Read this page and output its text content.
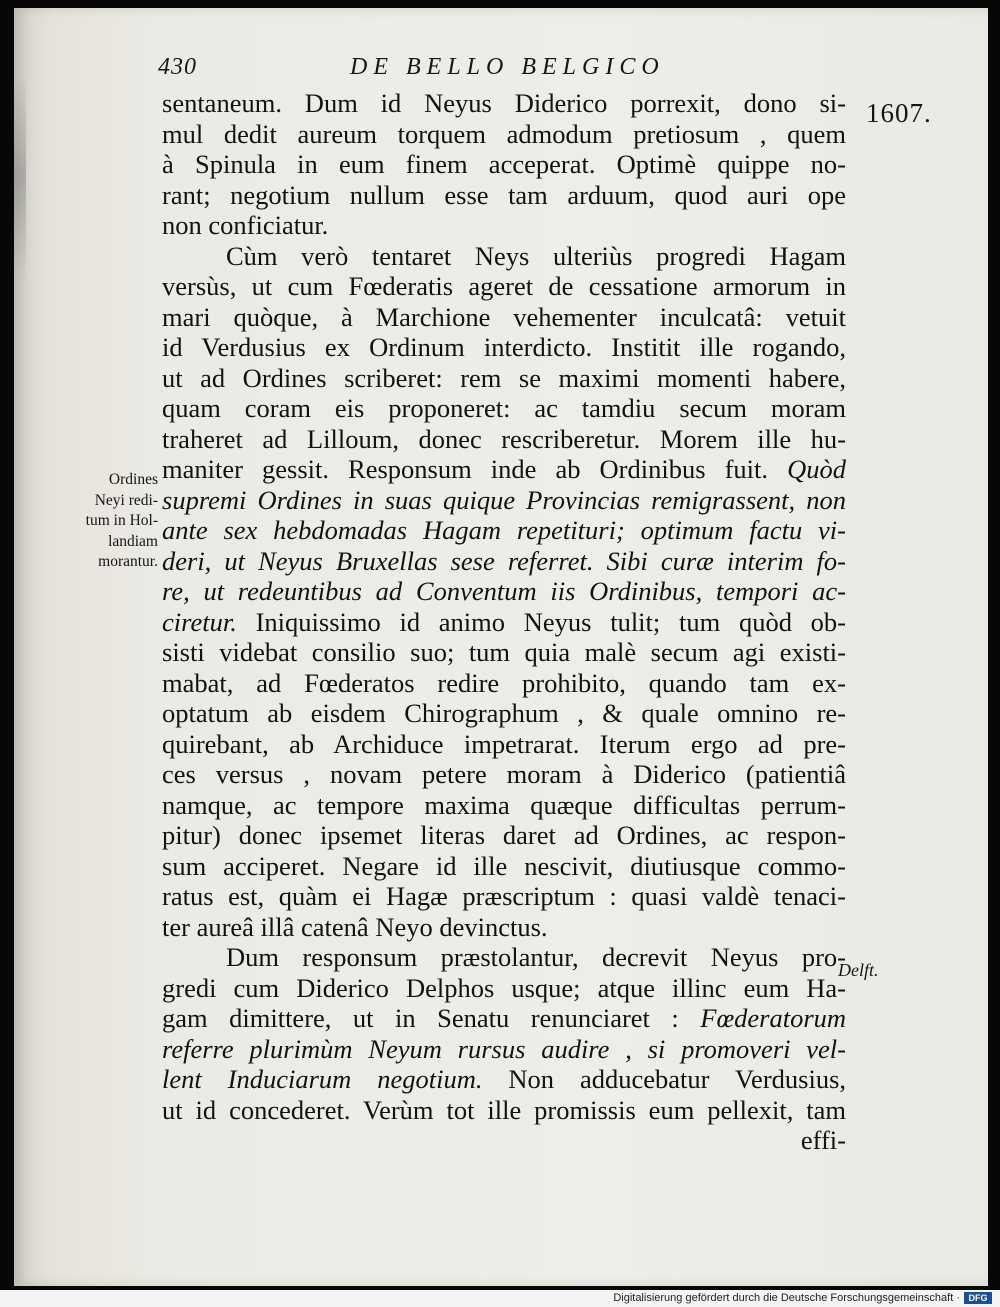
430	DE BELLO BELGICO
1607.
Ordines
Neyi redi-
tum in Hol-
landiam
morantur.
Delft.
sentaneum. Dum id Neyus Diderico porrexit, dono si-
mul dedit aureum torquem admodum pretiosum , quem
à Spinula in eum finem acceperat. Optimè quippe no-
rant; negotium nullum esse tam arduum, quod auri ope
non conficiatur.
Cùm verò tentaret Neys ulteriùs progredi Hagam
versùs, ut cum Fœderatis ageret de cessatione armorum in
mari quòque, à Marchione vehementer inculcatâ: vetuit
id Verdusius ex Ordinum interdicto. Institit ille rogando,
ut ad Ordines scriberet: rem se maximi momenti habere,
quam coram eis proponeret: ac tamdiu secum moram
traheret ad Lilloum, donec rescriberetur. Morem ille hu-
maniter gessit. Responsum inde ab Ordinibus fuit. Quòd
supremi Ordines in suas quique Provincias remigrassent, non
ante sex hebdomadas Hagam repetituri; optimum factu vi-
deri, ut Neyus Bruxellas sese referret. Sibi curæ interim fo-
re, ut redeuntibus ad Conventum iis Ordinibus, tempori ac-
ciretur. Iniquissimo id animo Neyus tulit; tum quòd ob-
sisti videbat consilio suo; tum quia malè secum agi existi-
mabat, ad Fœderatos redire prohibito, quando tam ex-
optatum ab eisdem Chirographum , & quale omnino re-
quirebant, ab Archiduce impetrarat. Iterum ergo ad pre-
ces versus , novam petere moram à Diderico (patientiâ
namque, ac tempore maxima quæque difficultas perrum-
pitur) donec ipsemet literas daret ad Ordines, ac respon-
sum acciperet. Negare id ille nescivit, diutiusque commo-
ratus est, quàm ei Hagæ præscriptum : quasi valdè tenaci-
ter aureâ illâ catenâ Neyo devinctus.
Dum responsum præstolantur, decrevit Neyus pro-
gredi cum Diderico Delphos usque; atque illinc eum Ha-
gam dimittere, ut in Senatu renunciaret : Fœderatorum
referre plurimùm Neyum rursus audire , si promoveri vel-
lent Induciarum negotium. Non adducebatur Verdusius,
ut id concederet. Verùm tot ille promissis eum pellexit, tam
effi-
Digitalisierung gefördert durch die Deutsche Forschungsgemeinschaft · DFG
